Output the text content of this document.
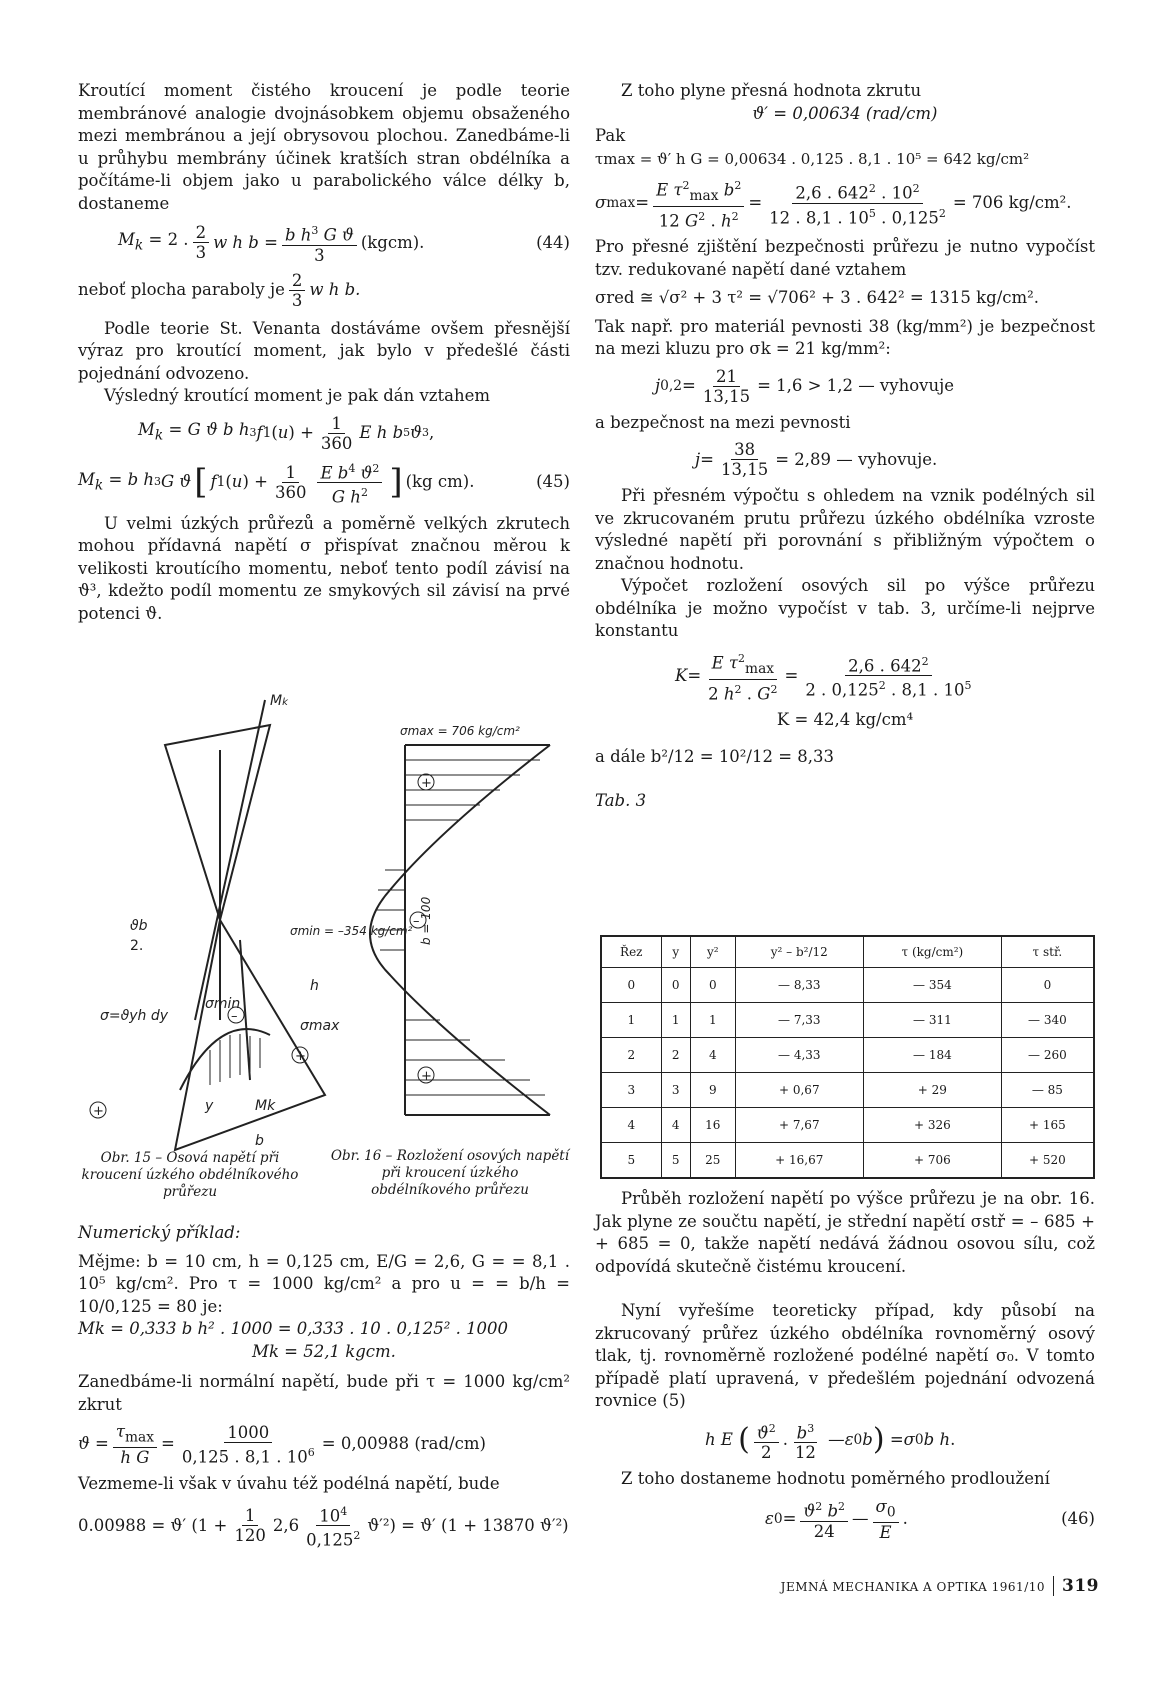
Kroutící moment čistého kroucení je podle teorie membránové analogie dvojnásobkem objemu obsaženého mezi membránou a její obrysovou plochou. Zanedbáme-li u průhybu membrány účinek kratších stran obdélníka a počítáme-li objem jako u parabolického válce délky b, dostaneme

$M_k = 2$ . $\frac{2}{3}$ w h $b = \frac{b h^3 G ϑ}{3}$ (kgcm).	(44)
neboť plocha paraboly je $\frac{2}{3}$ w h b.

Podle teorie St. Venanta dostáváme ovšem přesnější výraz pro kroutící moment, jak bylo v předešlé části pojednání odvozeno.

Výsledný kroutící moment je pak dán vztahem

$M_k = G$ ϑ b h 3 f 1 ( u ) + $\frac{1}{360}$ E h b 5 ϑ 3 ,
$M_k = b$ h 3 G ϑ [ f 1 ( u ) + $\frac{1}{360} \frac{E b^4 ϑ^2}{G h^2}$ ] (kg cm).	(45)

U velmi úzkých průřezů a poměrně velkých zkrutech mohou přídavná napětí σ přispívat značnou měrou k velikosti kroutícího momentu, neboť tento podíl závisí na ϑ³, kdežto podíl momentu ze smykových sil závisí na prvé potenci ϑ.

Mk
ϑb
2.
σ=ϑyh dy
σmin
σmax
h
y	Mk
b
+
+
–
σmax = 706 kg/cm²
σmin = –354 kg/cm² b = 100
+
+
–
Obr. 15 – Osová napětí při kroucení úzkého obdélníkového průřezu
Obr. 16 – Rozložení osových napětí při kroucení úzkého obdélníkového průřezu

Numerický příklad:

Mějme: b = 10 cm, h = 0,125 cm, E/G = 2,6, G = = 8,1 . 10⁵ kg/cm². Pro τ = 1000 kg/cm² a pro u = = b/h = 10/0,125 = 80 je:

Mk = 0,333 b h² . 1000 = 0,333 . 10 . 0,125² . 1000

Mk = 52,1 kgcm.

Zanedbáme-li normální napětí, bude při τ = 1000 kg/cm² zkrut

$ϑ = \frac{\tau_{max}}{\text{h G}} = \frac{1000}{0,125 . 8,1 . 10^6} = 0,00988$ (rad/cm)

Vezmeme-li však v úvahu též podélná napětí, bude

0.00988 = ϑ′ $(1 + \frac{1}{120} 2,6 \frac{10^4}{0,125^2} ϑ'^2) = ϑ'$ (1 + 13870 ϑ′²)

Z toho plyne přesná hodnota zkrutu

ϑ′ = 0,00634 (rad/cm)

Pak

τmax = ϑ′ h G = 0,00634 . 0,125 . 8,1 . 10⁵ = 642 kg/cm²

σ $\max = \frac{E \tau^2_{max} b^2}{12 G^2 . h^2} = \frac{2,6 . 642^2 . 10^2}{12 . 8,1 . 10^5 . 0,125^2} = 706$ kg/cm².

Pro přesné zjištění bezpečnosti průřezu je nutno vypočíst tzv. redukované napětí dané vztahem

σred ≅ √σ² + 3 τ² = √706² + 3 . 642² = 1315 kg/cm².

Tak např. pro materiál pevnosti 38 (kg/mm²) je bezpečnost na mezi kluzu pro σk = 21 kg/mm²:

j $0,2 = \frac{21}{13,15} = 1,6 > 1,2$ — vyhovuje

a bezpečnost na mezi pevnosti

$j = \frac{38}{13,15} = 2,89$ — vyhovuje.

Při přesném výpočtu s ohledem na vznik podélných sil ve zkrucovaném prutu průřezu úzkého obdélníka vzroste výsledné napětí při porovnání s přibližným výpočtem o značnou hodnotu.

Výpočet rozložení osových sil po výšce průřezu obdélníka je možno vypočíst v tab. 3, určíme-li nejprve konstantu

$K = \frac{E \tau^2_{max}}{2 h^2 . G^2} = \frac{2,6 . 642^2}{2 . 0,125^2 . 8,1 . 10^5}$

K = 42,4 kg/cm⁴

a dále b²/12 = 10²/12 = 8,33

Tab. 3

Řez	y	y²	y² – b²/12	τ (kg/cm²)	τ stř.
0	0	0	— 8,33	— 354	0
1	1	1	— 7,33	— 311	— 340
2	2	4	— 4,33	— 184	— 260
3	3	9	+ 0,67	+ 29	— 85
4	4	16	+ 7,67	+ 326	+ 165
5	5	25	+ 16,67	+ 706	+ 520

Průběh rozložení napětí po výšce průřezu je na obr. 16. Jak plyne ze součtu napětí, je střední napětí σstř = – 685 + + 685 = 0, takže napětí nedává žádnou osovou sílu, což odpovídá skutečně čistému kroucení.

Nyní vyřešíme teoreticky případ, kdy působí na zkrucovaný průřez úzkého obdélníka rovnoměrný osový tlak, tj. rovnoměrně rozložené podélné napětí σ₀. V tomto případě platí upravená, v předešlém pojednání odvozená rovnice (5)

h E
( $\frac{ϑ^2}{2}$ . $\frac{b^3}{12}$ — ε 0 b ) = σ 0 b h .

Z toho dostaneme hodnotu poměrného prodloužení

ε $0 = \frac{ϑ^2 b^2}{24}$ — $\frac{\sigma_0}{E}$ .	(46)
JEMNÁ MECHANIKA A OPTIKA 1961/10 319
